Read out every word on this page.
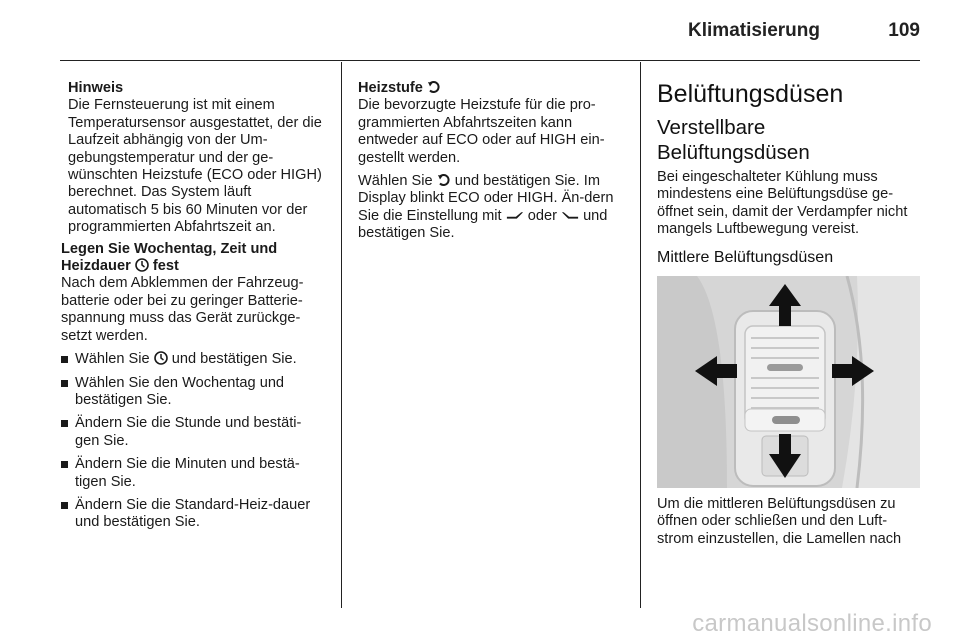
Klimatisierung	109
Hinweis
Die Fernsteuerung ist mit einem Temperatursensor ausgestattet, der die Laufzeit abhängig von der Um-gebungstemperatur und der ge-wünschten Heizstufe (ECO oder HIGH) berechnet. Das System läuft automatisch 5 bis 60 Minuten vor der programmierten Abfahrtszeit an.
Legen Sie Wochentag, Zeit und Heizdauer fest

Nach dem Abklemmen der Fahrzeug-batterie oder bei zu geringer Batterie-spannung muss das Gerät zurückge-setzt werden.

Wählen Sie und bestätigen Sie.
Wählen Sie den Wochentag und bestätigen Sie.
Ändern Sie die Stunde und bestäti-gen Sie.
Ändern Sie die Minuten und bestä-tigen Sie.
Ändern Sie die Standard-Heiz-dauer und bestätigen Sie.
Heizstufe

Die bevorzugte Heizstufe für die pro-grammierten Abfahrtszeiten kann entweder auf ECO oder auf HIGH ein-gestellt werden.

Wählen Sie und bestätigen Sie. Im Display blinkt ECO oder HIGH. Än-dern Sie die Einstellung mit oder und bestätigen Sie.

Belüftungsdüsen
Verstellbare Belüftungsdüsen

Bei eingeschalteter Kühlung muss mindestens eine Belüftungsdüse ge-öffnet sein, damit der Verdampfer nicht mangels Luftbewegung vereist.

Mittlere Belüftungsdüsen

Um die mittleren Belüftungsdüsen zu öffnen oder schließen und den Luft-strom einzustellen, die Lamellen nach

carmanualsonline.info
